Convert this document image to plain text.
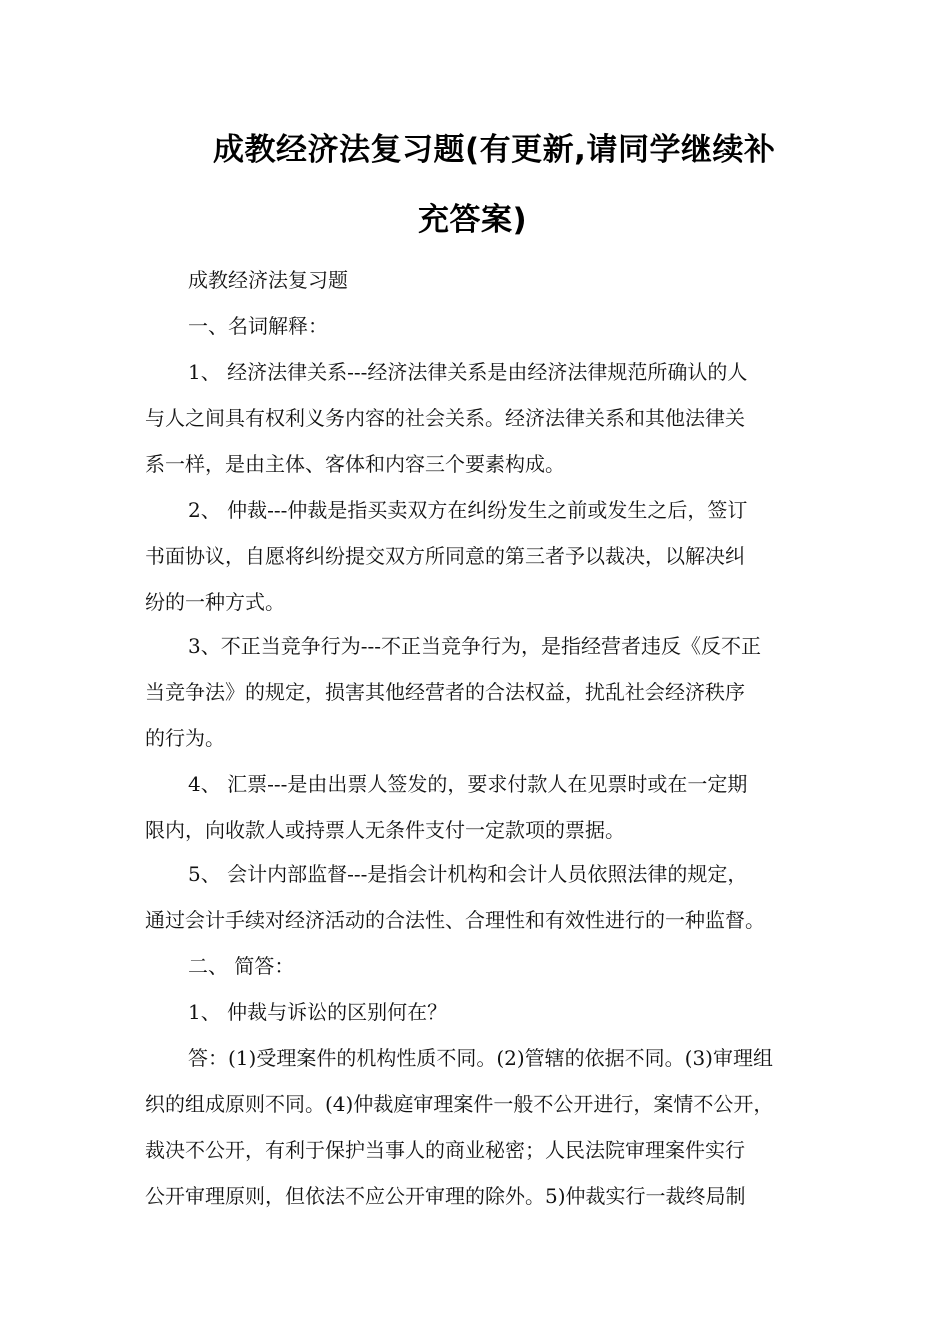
成教经济法复习题(有更新,请同学继续补
充答案)

成教经济法复习题

一、名词解释：

1、 经济法律关系---经济法律关系是由经济法律规范所确认的人

与人之间具有权利义务内容的社会关系。经济法律关系和其他法律关

系一样，是由主体、客体和内容三个要素构成。

2、 仲裁---仲裁是指买卖双方在纠纷发生之前或发生之后，签订

书面协议，自愿将纠纷提交双方所同意的第三者予以裁决，以解决纠

纷的一种方式。

3、不正当竞争行为---不正当竞争行为，是指经营者违反《反不正

当竞争法》的规定，损害其他经营者的合法权益，扰乱社会经济秩序

的行为。

4、 汇票---是由出票人签发的，要求付款人在见票时或在一定期

限内，向收款人或持票人无条件支付一定款项的票据。

5、 会计内部监督---是指会计机构和会计人员依照法律的规定，

通过会计手续对经济活动的合法性、合理性和有效性进行的一种监督。

二、 简答：

1、 仲裁与诉讼的区别何在？

答：(1)受理案件的机构性质不同。(2)管辖的依据不同。(3)审理组

织的组成原则不同。(4)仲裁庭审理案件一般不公开进行，案情不公开，

裁决不公开，有利于保护当事人的商业秘密；人民法院审理案件实行

公开审理原则，但依法不应公开审理的除外。5)仲裁实行一裁终局制
